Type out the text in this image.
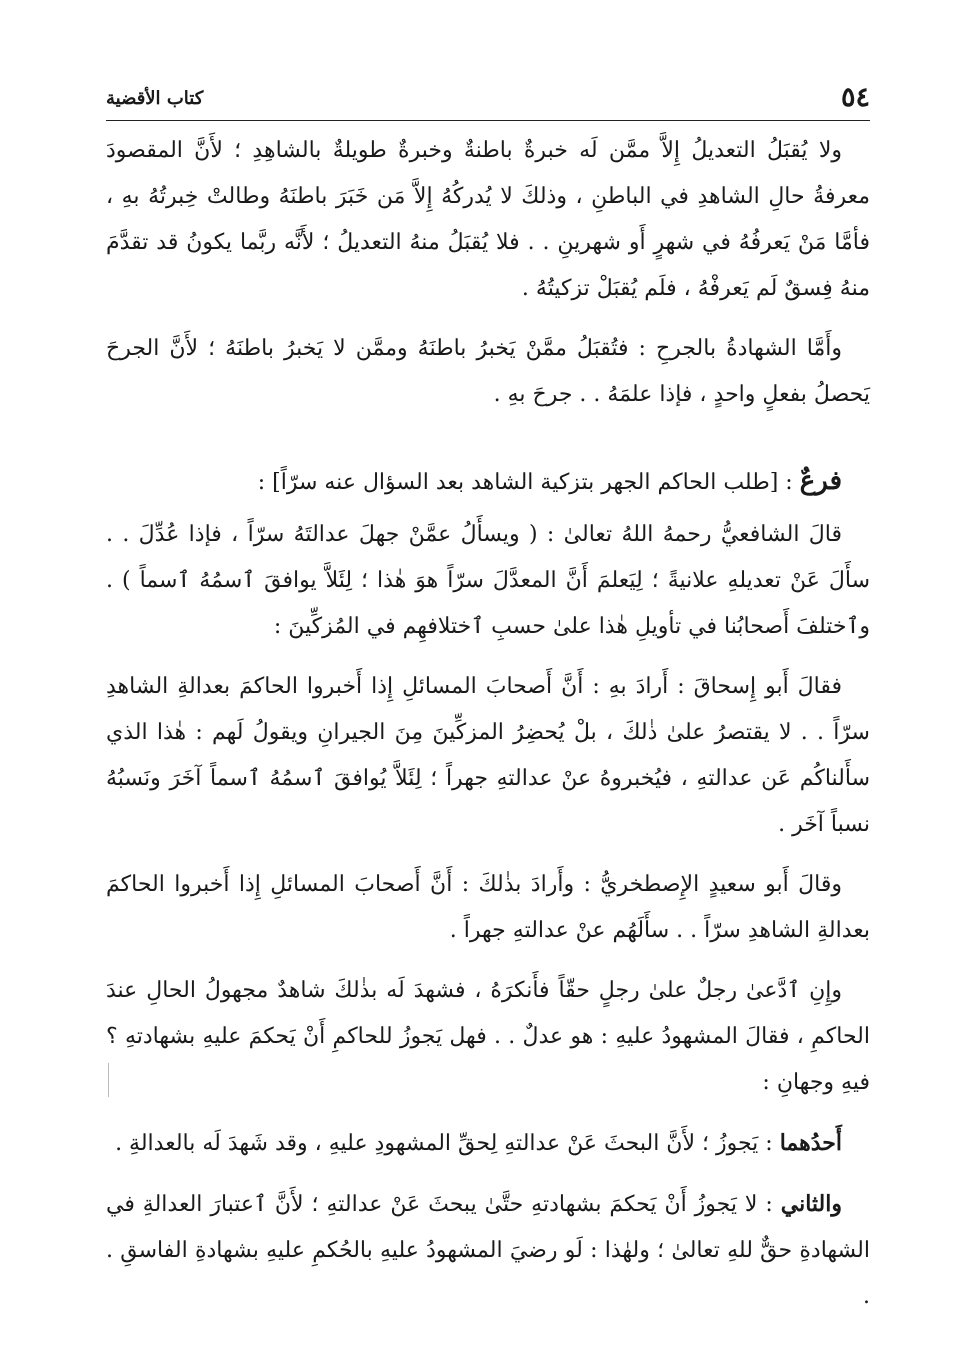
٥٤
كتاب الأقضية

ولا يُقبَلُ التعديلُ إِلاَّ ممَّن لَه خبرةٌ باطنةٌ وخبرةٌ طويلةٌ بالشاهِدِ ؛ لأَنَّ المقصودَ معرفةُ حالِ الشاهدِ في الباطنِ ، وذلكَ لا يُدركُهُ إِلاَّ مَن خَبَرَ باطنَهُ وطالتْ خِبرتُهُ بهِ ، فأمَّا مَنْ يَعرفُهُ في شهرٍ أَو شهرينِ . . فلا يُقبَلُ منهُ التعديلُ ؛ لأَنَّه ربَّما يكونُ قد تقدَّمَ منهُ فِسقٌ لَم يَعرفْهُ ، فلَم يُقبَلْ تزكيتُهُ .

وأَمَّا الشهادةُ بالجرحِ : فتُقبَلُ ممَّنْ يَخبرُ باطنَهُ وممَّن لا يَخبرُ باطنَهُ ؛ لأَنَّ الجرحَ يَحصلُ بفعلٍ واحدٍ ، فإذا علمَهُ . . جرحَ بهِ .

فرعٌ : [طلب الحاكم الجهر بتزكية الشاهد بعد السؤال عنه سرّاً] :

قالَ الشافعيُّ رحمهُ اللهُ تعالىٰ : ( ويسأَلُ عمَّنْ جهلَ عدالتَهُ سرّاً ، فإذا عُدِّلَ . . سأَلَ عَنْ تعديلهِ علانيةً ؛ لِيَعلمَ أَنَّ المعدَّلَ سرّاً هوَ هٰذا ؛ لِئَلاَّ يوافقَ ٱسمُهُ ٱسماً ) . وٱختلفَ أَصحابُنا في تأويلِ هٰذا علىٰ حسبِ ٱختلافهِم في المُزكِّينَ :

فقالَ أَبو إِسحاقَ : أَرادَ بهِ : أَنَّ أَصحابَ المسائلِ إِذا أَخبروا الحاكمَ بعدالةِ الشاهدِ سرّاً . . لا يقتصرُ علىٰ ذٰلكَ ، بلْ يُحضِرُ المزكِّينَ مِنَ الجيرانِ ويقولُ لَهم : هٰذا الذي سأَلناكُم عَن عدالتهِ ، فيُخبروهُ عنْ عدالتهِ جهراً ؛ لِئَلاَّ يُوافقَ ٱسمُهُ ٱسماً آخَرَ ونَسبُهُ نسباً آخَر .

وقالَ أَبو سعيدٍ الإِصطخريُّ : وأَرادَ بذٰلكَ : أَنَّ أَصحابَ المسائلِ إِذا أَخبروا الحاكمَ بعدالةِ الشاهدِ سرّاً . . سأَلَهُم عنْ عدالتهِ جهراً .

وإِنِ ٱدَّعىٰ رجلٌ علىٰ رجلٍ حقّاً فأَنكرَهُ ، فشهدَ لَه بذٰلكَ شاهدٌ مجهولُ الحالِ عندَ الحاكمِ ، فقالَ المشهودُ عليهِ : هو عدلٌ . . فهل يَجوزُ للحاكمِ أَنْ يَحكمَ عليهِ بشهادتهِ ؟ فيهِ وجهانِ :

أَحدُهما : يَجوزُ ؛ لأَنَّ البحثَ عَنْ عدالتهِ لِحقِّ المشهودِ عليهِ ، وقد شَهدَ لَه بالعدالةِ .

والثاني : لا يَجوزُ أَنْ يَحكمَ بشهادتهِ حتَّىٰ يبحثَ عَنْ عدالتهِ ؛ لأَنَّ ٱعتبارَ العدالةِ في الشهادةِ حقٌّ للهِ تعالىٰ ؛ ولهٰذا : لَو رضيَ المشهودُ عليهِ بالحُكمِ عليهِ بشهادةِ الفاسقِ . .
